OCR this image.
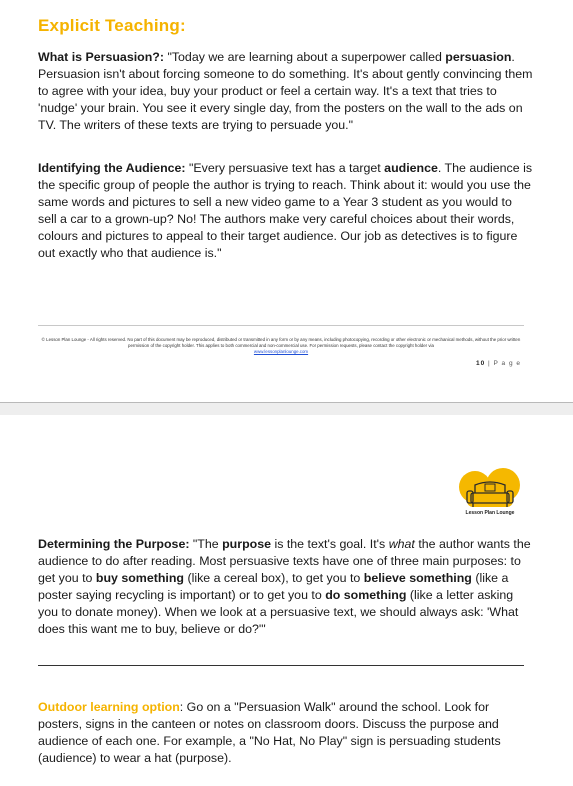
Explicit Teaching:

What is Persuasion?: "Today we are learning about a superpower called persuasion. Persuasion isn't about forcing someone to do something. It's about gently convincing them to agree with your idea, buy your product or feel a certain way. It's a text that tries to 'nudge' your brain. You see it every single day, from the posters on the wall to the ads on TV. The writers of these texts are trying to persuade you."

Identifying the Audience: "Every persuasive text has a target audience. The audience is the specific group of people the author is trying to reach. Think about it: would you use the same words and pictures to sell a new video game to a Year 3 student as you would to sell a car to a grown-up? No! The authors make very careful choices about their words, colours and pictures to appeal to their target audience. Our job as detectives is to figure out exactly who that audience is."

© Lesson Plan Lounge - All rights reserved. No part of this document may be reproduced, distributed or transmitted in any form or by any means, including photocopying, recording or other electronic or mechanical methods, without the prior written permission of the copyright holder. This applies to both commercial and non-commercial use. For permission requests, please contact the copyright holder via
www.lessonplanlounge.com
10 | P a g e
Lesson Plan Lounge

Determining the Purpose: "The purpose is the text's goal. It's what the author wants the audience to do after reading. Most persuasive texts have one of three main purposes: to get you to buy something (like a cereal box), to get you to believe something (like a poster saying recycling is important) or to get you to do something (like a letter asking you to donate money). When we look at a persuasive text, we should always ask: 'What does this want me to buy, believe or do?'"

Outdoor learning option: Go on a "Persuasion Walk" around the school. Look for posters, signs in the canteen or notes on classroom doors. Discuss the purpose and audience of each one. For example, a "No Hat, No Play" sign is persuading students (audience) to wear a hat (purpose).
